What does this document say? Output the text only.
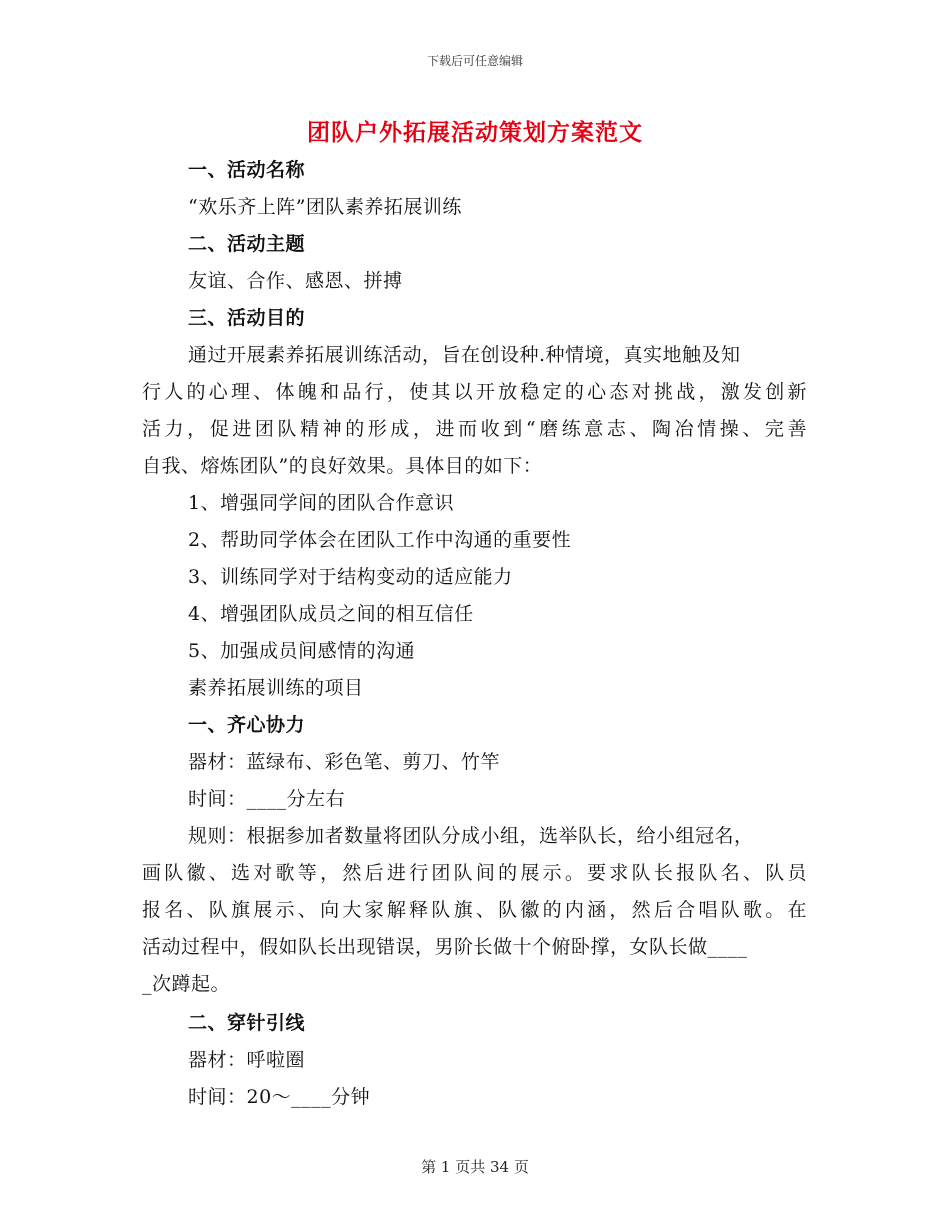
下载后可任意编辑
团队户外拓展活动策划方案范文
一、活动名称
“欢乐齐上阵”团队素养拓展训练
二、活动主题
友谊、合作、感恩、拼搏
三、活动目的
通过开展素养拓展训练活动，旨在创设种.种情境，真实地触及知
行人的心理、体魄和品行，使其以开放稳定的心态对挑战，激发创新
活力，促进团队精神的形成，进而收到“磨练意志、陶冶情操、完善
自我、熔炼团队”的良好效果。具体目的如下：
1、增强同学间的团队合作意识
2、帮助同学体会在团队工作中沟通的重要性
3、训练同学对于结构变动的适应能力
4、增强团队成员之间的相互信任
5、加强成员间感情的沟通
素养拓展训练的项目
一、齐心协力
器材：蓝绿布、彩色笔、剪刀、竹竿
时间：____分左右
规则：根据参加者数量将团队分成小组，选举队长，给小组冠名，
画队徽、选对歌等，然后进行团队间的展示。要求队长报队名、队员
报名、队旗展示、向大家解释队旗、队徽的内涵，然后合唱队歌。在
活动过程中，假如队长出现错误，男阶长做十个俯卧撑，女队长做____
_次蹲起。
二、穿针引线
器材：呼啦圈
时间：20～____分钟
第 1 页共 34 页
